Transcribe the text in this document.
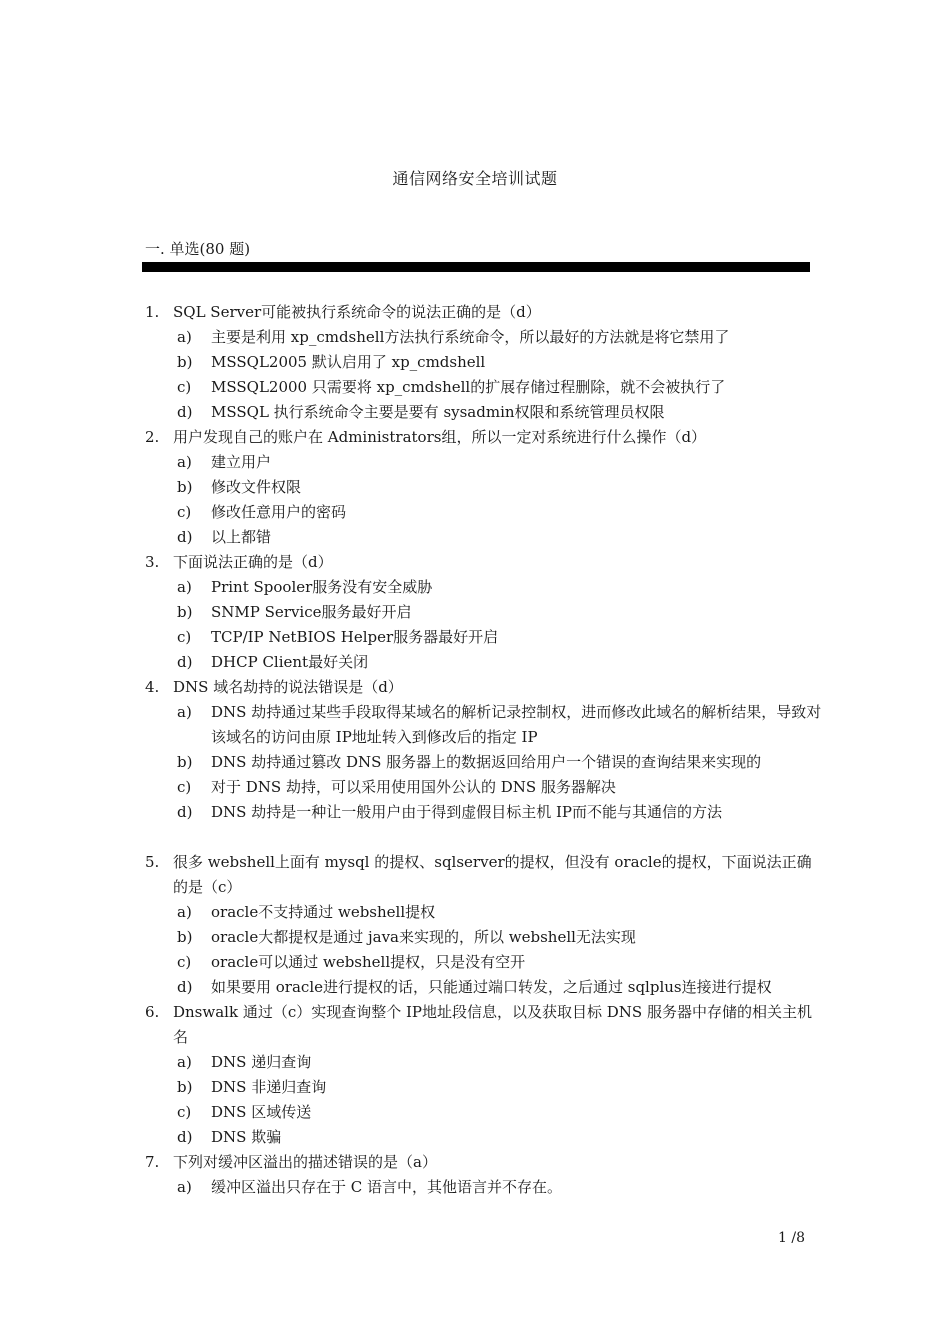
通信网络安全培训试题
一. 单选(80 题)
1. SQL Server可能被执行系统命令的说法正确的是（d）
a)	主要是利用 xp_cmdshell方法执行系统命令，所以最好的方法就是将它禁用了
b)	MSSQL2005 默认启用了 xp_cmdshell
c)	MSSQL2000 只需要将 xp_cmdshell的扩展存储过程删除，就不会被执行了
d)	MSSQL 执行系统命令主要是要有 sysadmin权限和系统管理员权限
2. 用户发现自己的账户在 Administrators组，所以一定对系统进行什么操作（d）
a)	建立用户
b)	修改文件权限
c)	修改任意用户的密码
d)	以上都错
3. 下面说法正确的是（d）
a)	Print Spooler服务没有安全威胁
b)	SNMP Service服务最好开启
c)	TCP/IP NetBIOS Helper服务器最好开启
d)	DHCP Client最好关闭
4. DNS 域名劫持的说法错误是（d）
a)	DNS 劫持通过某些手段取得某域名的解析记录控制权，进而修改此域名的解析结果，导致对该域名的访问由原 IP地址转入到修改后的指定 IP
b)	DNS 劫持通过篡改 DNS 服务器上的数据返回给用户一个错误的查询结果来实现的
c)	对于 DNS 劫持，可以采用使用国外公认的 DNS 服务器解决
d)	DNS 劫持是一种让一般用户由于得到虚假目标主机 IP而不能与其通信的方法
5. 很多 webshell上面有 mysql 的提权、sqlserver的提权，但没有 oracle的提权，下面说法正确的是（c）
a)	oracle不支持通过 webshell提权
b)	oracle大都提权是通过 java来实现的，所以 webshell无法实现
c)	oracle可以通过 webshell提权，只是没有空开
d)	如果要用 oracle进行提权的话，只能通过端口转发，之后通过 sqlplus连接进行提权
6. Dnswalk 通过（c）实现查询整个 IP地址段信息，以及获取目标 DNS 服务器中存储的相关主机名
a)	DNS 递归查询
b)	DNS 非递归查询
c)	DNS 区域传送
d)	DNS 欺骗
7. 下列对缓冲区溢出的描述错误的是（a）
a)	缓冲区溢出只存在于 C 语言中，其他语言并不存在。
1 /8
